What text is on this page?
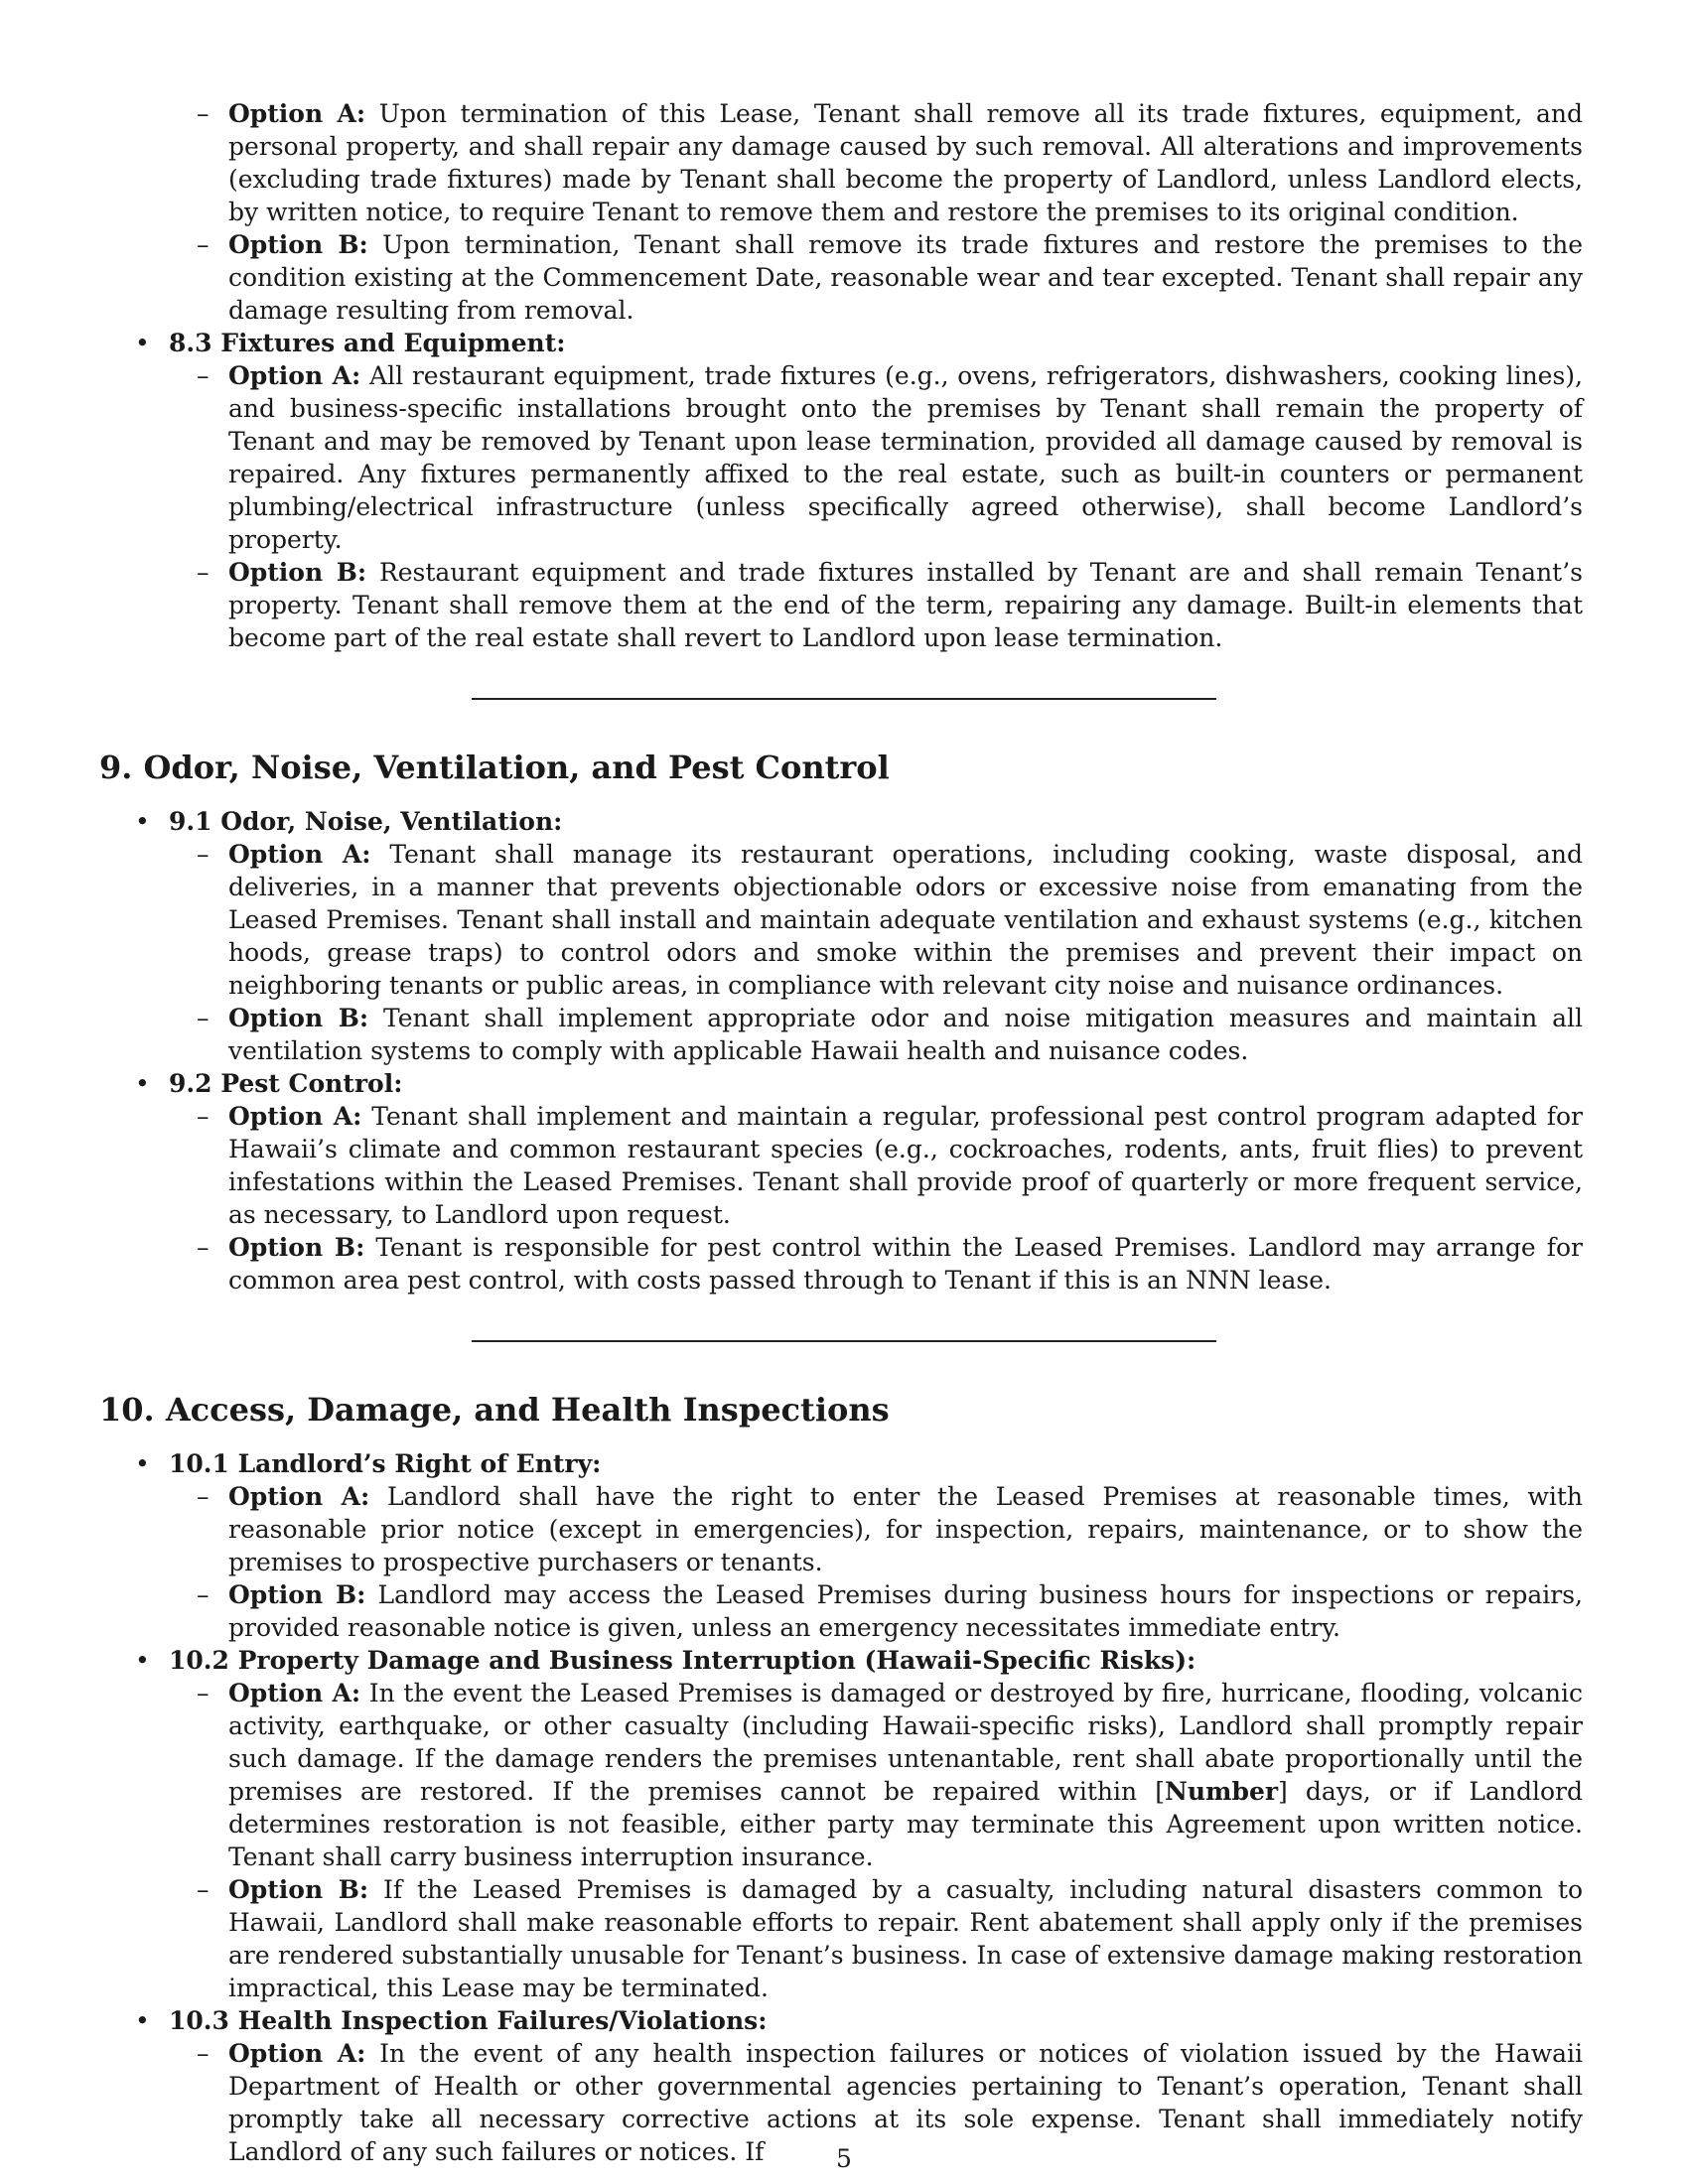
– Option A: Upon termination of this Lease, Tenant shall remove all its trade fixtures, equipment, and personal property, and shall repair any damage caused by such removal. All alterations and improvements (excluding trade fixtures) made by Tenant shall become the property of Landlord, unless Landlord elects, by written notice, to require Tenant to remove them and restore the premises to its original condition.
– Option B: Upon termination, Tenant shall remove its trade fixtures and restore the premises to the condition existing at the Commencement Date, reasonable wear and tear excepted. Tenant shall repair any damage resulting from removal.
• 8.3 Fixtures and Equipment:
– Option A: All restaurant equipment, trade fixtures (e.g., ovens, refrigerators, dishwashers, cooking lines), and business-specific installations brought onto the premises by Tenant shall remain the property of Tenant and may be removed by Tenant upon lease termination, provided all damage caused by removal is repaired. Any fixtures permanently affixed to the real estate, such as built-in counters or permanent plumbing/electrical infrastructure (unless specifically agreed otherwise), shall become Landlord’s property.
– Option B: Restaurant equipment and trade fixtures installed by Tenant are and shall remain Tenant’s property. Tenant shall remove them at the end of the term, repairing any damage. Built-in elements that become part of the real estate shall revert to Landlord upon lease termination.
9. Odor, Noise, Ventilation, and Pest Control
• 9.1 Odor, Noise, Ventilation:
– Option A: Tenant shall manage its restaurant operations, including cooking, waste disposal, and deliveries, in a manner that prevents objectionable odors or excessive noise from emanating from the Leased Premises. Tenant shall install and maintain adequate ventilation and exhaust systems (e.g., kitchen hoods, grease traps) to control odors and smoke within the premises and prevent their impact on neighboring tenants or public areas, in compliance with relevant city noise and nuisance ordinances.
– Option B: Tenant shall implement appropriate odor and noise mitigation measures and maintain all ventilation systems to comply with applicable Hawaii health and nuisance codes.
• 9.2 Pest Control:
– Option A: Tenant shall implement and maintain a regular, professional pest control program adapted for Hawaii’s climate and common restaurant species (e.g., cockroaches, rodents, ants, fruit flies) to prevent infestations within the Leased Premises. Tenant shall provide proof of quarterly or more frequent service, as necessary, to Landlord upon request.
– Option B: Tenant is responsible for pest control within the Leased Premises. Landlord may arrange for common area pest control, with costs passed through to Tenant if this is an NNN lease.
10. Access, Damage, and Health Inspections
• 10.1 Landlord’s Right of Entry:
– Option A: Landlord shall have the right to enter the Leased Premises at reasonable times, with reasonable prior notice (except in emergencies), for inspection, repairs, maintenance, or to show the premises to prospective purchasers or tenants.
– Option B: Landlord may access the Leased Premises during business hours for inspections or repairs, provided reasonable notice is given, unless an emergency necessitates immediate entry.
• 10.2 Property Damage and Business Interruption (Hawaii-Specific Risks):
– Option A: In the event the Leased Premises is damaged or destroyed by fire, hurricane, flooding, volcanic activity, earthquake, or other casualty (including Hawaii-specific risks), Landlord shall promptly repair such damage. If the damage renders the premises untenantable, rent shall abate proportionally until the premises are restored. If the premises cannot be repaired within [Number] days, or if Landlord determines restoration is not feasible, either party may terminate this Agreement upon written notice. Tenant shall carry business interruption insurance.
– Option B: If the Leased Premises is damaged by a casualty, including natural disasters common to Hawaii, Landlord shall make reasonable efforts to repair. Rent abatement shall apply only if the premises are rendered substantially unusable for Tenant’s business. In case of extensive damage making restoration impractical, this Lease may be terminated.
• 10.3 Health Inspection Failures/Violations:
– Option A: In the event of any health inspection failures or notices of violation issued by the Hawaii Department of Health or other governmental agencies pertaining to Tenant’s operation, Tenant shall promptly take all necessary corrective actions at its sole expense. Tenant shall immediately notify Landlord of any such failures or notices. If	5
